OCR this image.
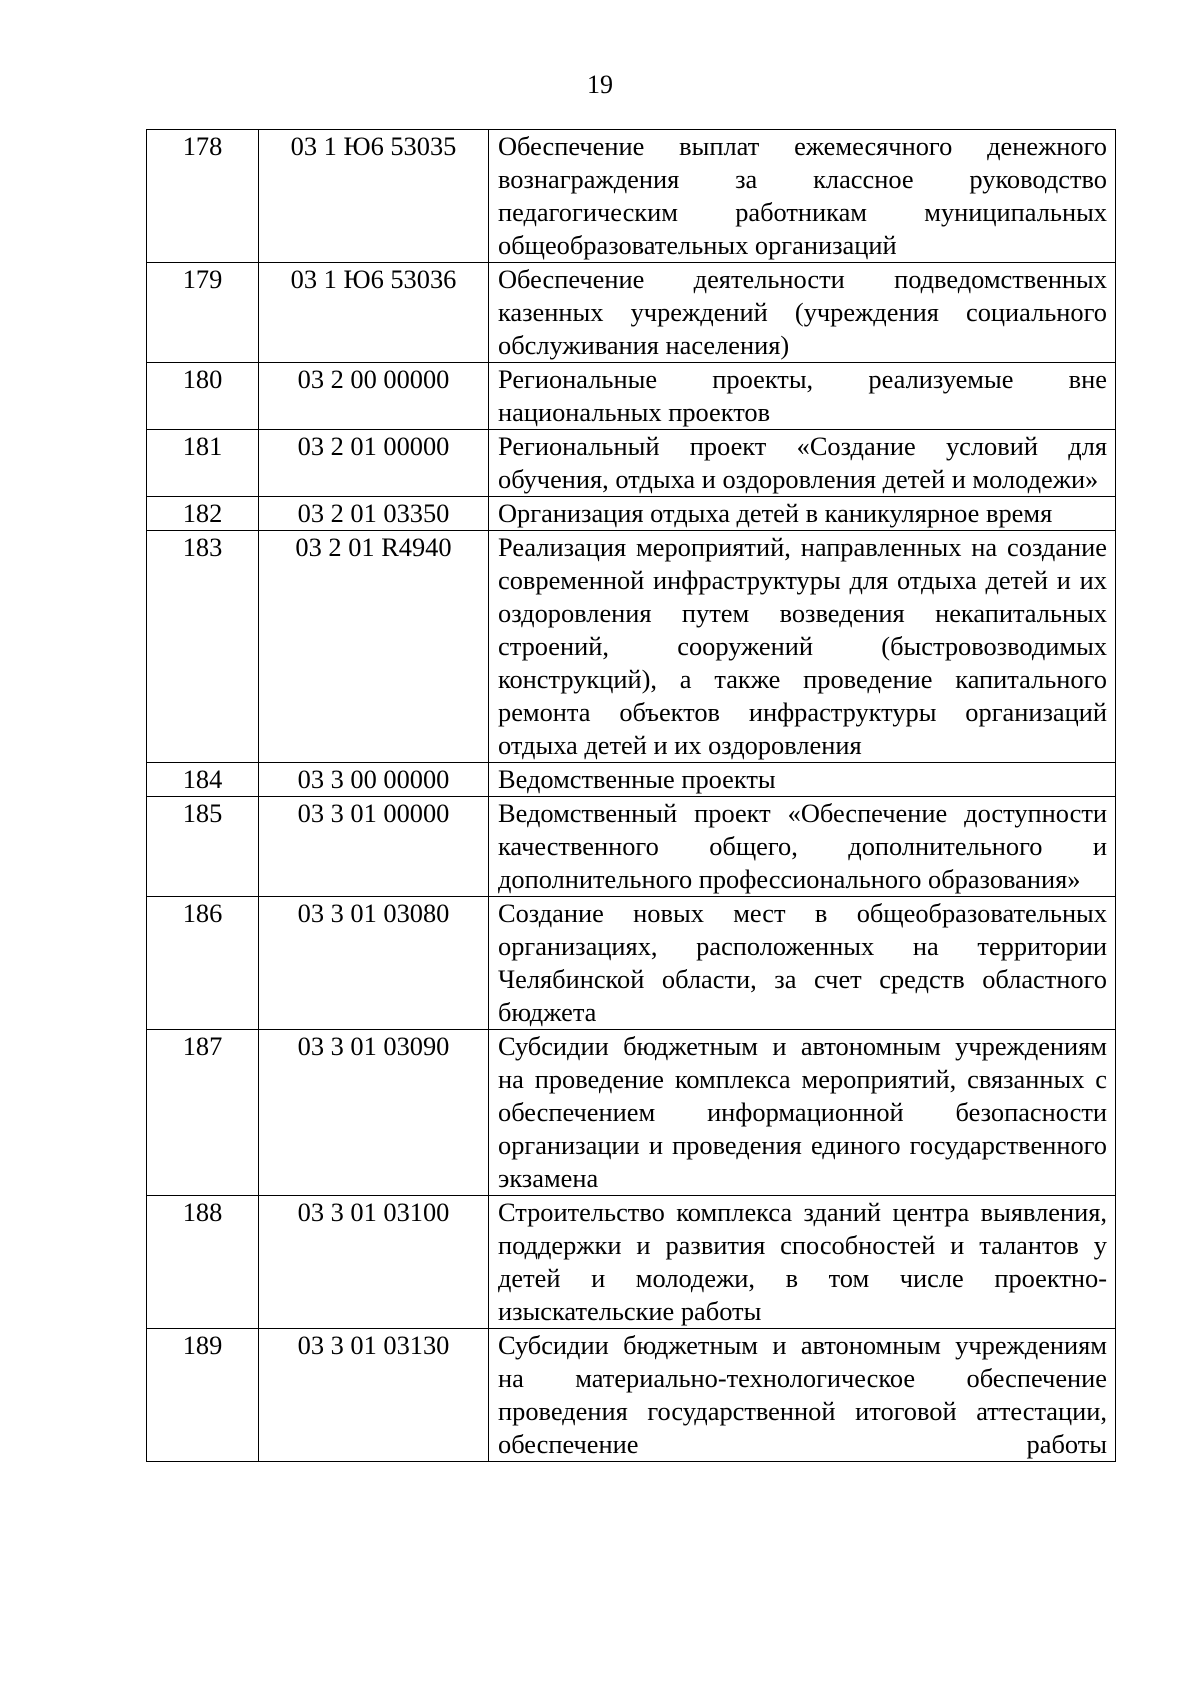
19
178	03 1 Ю6 53035	Обеспечение выплат ежемесячного денежного вознаграждения за классное руководство педагогическим работникам муниципальных общеобразовательных организаций

179	03 1 Ю6 53036	Обеспечение деятельности подведомственных казенных учреждений (учреждения социального обслуживания населения)

180	03 2 00 00000	Региональные проекты, реализуемые вне национальных проектов

181	03 2 01 00000	Региональный проект «Создание условий для обучения, отдыха и оздоровления детей и молодежи»

182	03 2 01 03350	Организация отдыха детей в каникулярное время

183	03 2 01 R4940	Реализация мероприятий, направленных на создание современной инфраструктуры для отдыха детей и их оздоровления путем возведения некапитальных строений, сооружений (быстровозводимых конструкций), а также проведение капитального ремонта объектов инфраструктуры организаций отдыха детей и их оздоровления

184	03 3 00 00000	Ведомственные проекты

185	03 3 01 00000	Ведомственный проект «Обеспечение доступности качественного общего, дополнительного и дополнительного профессионального образования»

186	03 3 01 03080	Создание новых мест в общеобразовательных организациях, расположенных на территории Челябинской области, за счет средств областного бюджета

187	03 3 01 03090	Субсидии бюджетным и автономным учреждениям на проведение комплекса мероприятий, связанных с обеспечением информационной безопасности организации и проведения единого государственного экзамена

188	03 3 01 03100	Строительство комплекса зданий центра выявления, поддержки и развития способностей и талантов у детей и молодежи, в том числе проектно-изыскательские работы

189	03 3 01 03130	Субсидии бюджетным и автономным учреждениям на материально-технологическое обеспечение проведения государственной итоговой аттестации, обеспечение работы
